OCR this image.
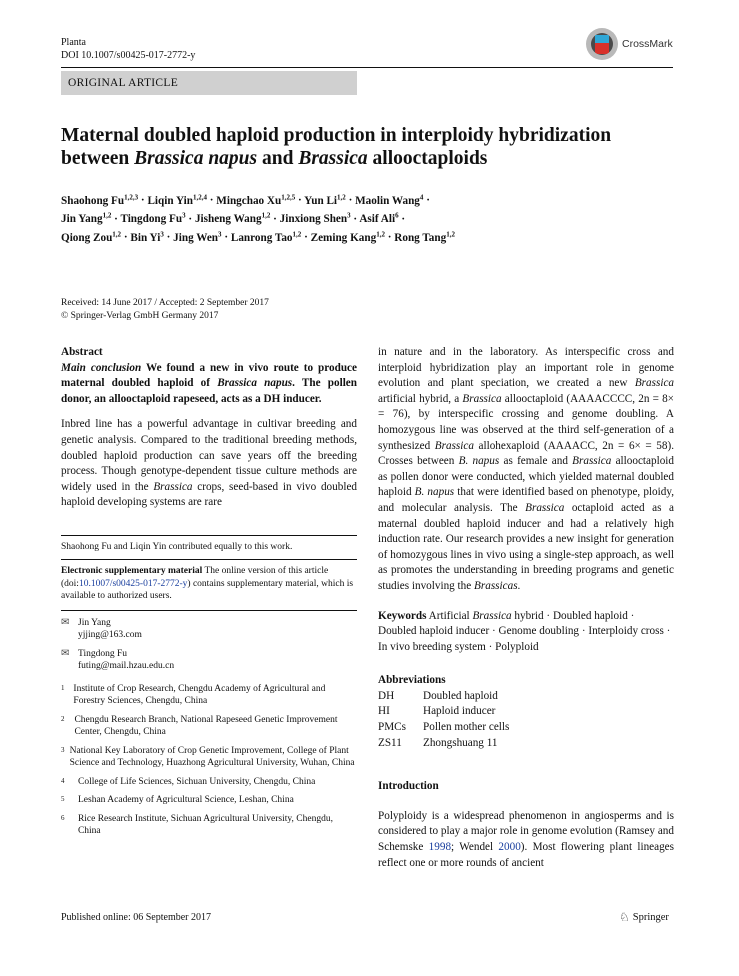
Planta
DOI 10.1007/s00425-017-2772-y
CrossMark
ORIGINAL ARTICLE
Maternal doubled haploid production in interploidy hybridization
between Brassica napus and Brassica allooctaploids
Shaohong Fu$^{1,2,3}$ · Liqin Yin$^{1,2,4}$ · Mingchao Xu$^{1,2,5}$ · Yun Li$^{1,2}$ · Maolin Wang$^4$ ·
Jin Yang$^{1,2}$ · Tingdong $Fu^3$ · Jisheng Wang$^{1,2}$ · Jinxiong Shen$^3$ · Asif Ali$^6$ ·
Qiong Zou$^{1,2}$ · Bin $Yi^3$ · Jing Wen$^3$ · Lanrong Tao$^{1,2}$ · Zeming Kang$^{1,2}$ · Rong Tang$^{1,2}$
Received: 14 June 2017 / Accepted: 2 September 2017
© Springer-Verlag GmbH Germany 2017
Abstract
Main conclusion We found a new in vivo route to produce maternal doubled haploid of Brassica napus. The pollen donor, an allooctaploid rapeseed, acts as a DH inducer.

Inbred line has a powerful advantage in cultivar breeding and genetic analysis. Compared to the traditional breeding methods, doubled haploid production can save years off the breeding process. Though genotype-dependent tissue culture methods are widely used in the Brassica crops, seed-based in vivo doubled haploid developing systems are rare

Shaohong Fu and Liqin Yin contributed equally to this work.
Electronic supplementary material The online version of this article (doi:10.1007/s00425-017-2772-y) contains supplementary material, which is available to authorized users.
✉ Jin Yang
yjjing@163.com
✉ Tingdong Fu
futing@mail.hzau.edu.cn
1 Institute of Crop Research, Chengdu Academy of Agricultural and Forestry Sciences, Chengdu, China
2	Chengdu Research Branch, National Rapeseed Genetic Improvement Center, Chengdu, China
3 National Key Laboratory of Crop Genetic Improvement, College of Plant Science and Technology, Huazhong Agricultural University, Wuhan, China
4	College of Life Sciences, Sichuan University, Chengdu, China
5	Leshan Academy of Agricultural Science, Leshan, China
6	Rice Research Institute, Sichuan Agricultural University, Chengdu, China

in nature and in the laboratory. As interspecific cross and interploid hybridization play an important role in genome evolution and plant speciation, we created a new Brassica artificial hybrid, a Brassica allooctaploid (AAAACCCC, 2n = 8× = 76), by interspecific crossing and genome doubling. A homozygous line was observed at the third self-generation of a synthesized Brassica allohexaploid (AAAACC, 2n = 6× = 58). Crosses between B. napus as female and Brassica allooctaploid as pollen donor were conducted, which yielded maternal doubled haploid B. napus that were identified based on phenotype, ploidy, and molecular analysis. The Brassica octaploid acted as a maternal doubled haploid inducer and had a relatively high induction rate. Our research provides a new insight for generation of homozygous lines in vivo using a single-step approach, as well as promotes the understanding in breeding programs and genetic studies involving the Brassicas.

Keywords Artificial Brassica hybrid · Doubled haploid · Doubled haploid inducer · Genome doubling · Interploidy cross · In vivo breeding system · Polyploid
Abbreviations
DH	Doubled haploid
HI	Haploid inducer
PMCs	Pollen mother cells
ZS11	Zhongshuang 11
Introduction

Polyploidy is a widespread phenomenon in angiosperms and is considered to play a major role in genome evolution (Ramsey and Schemske 1998; Wendel 2000). Most flowering plant lineages reflect one or more rounds of ancient

Published online: 06 September 2017	♘ Springer
